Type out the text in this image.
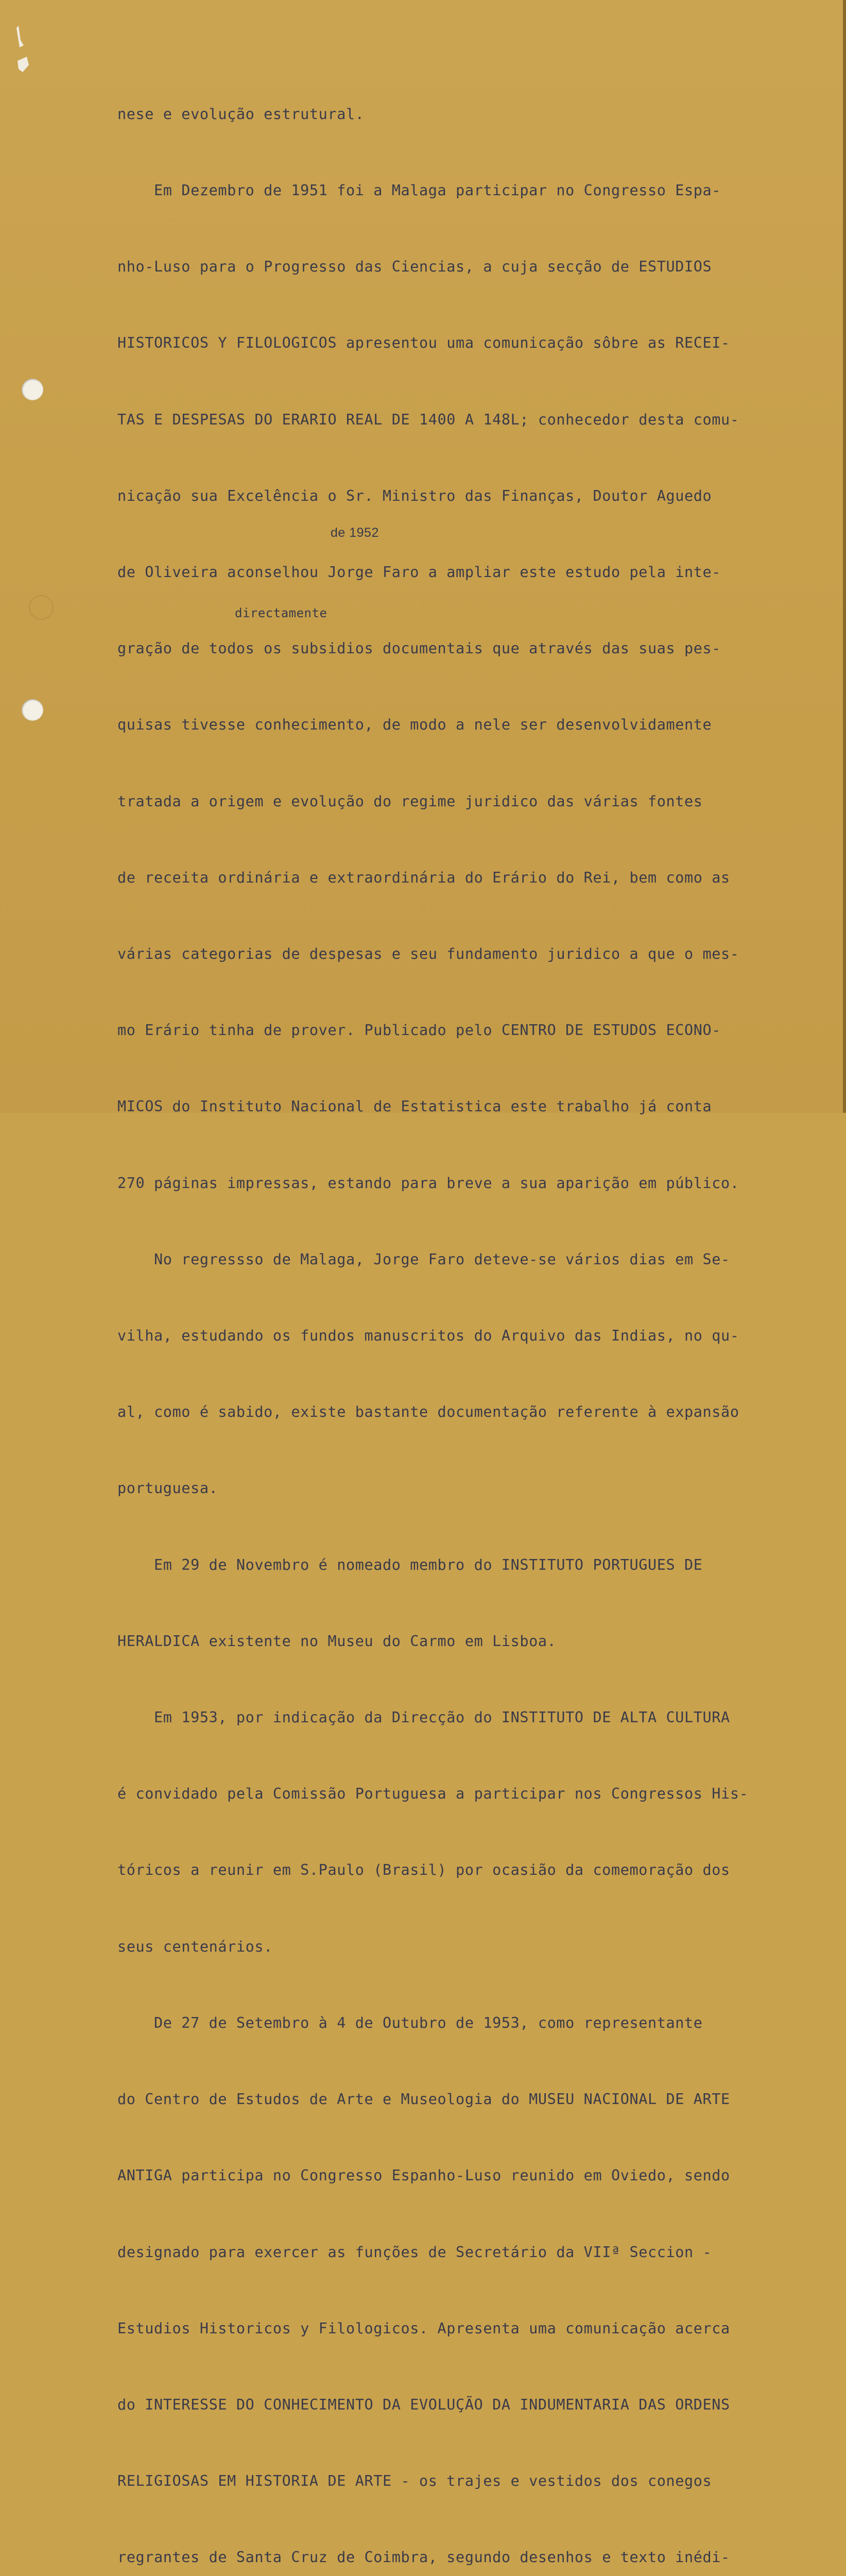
nese e evolução estrutural.

Em Dezembro de 1951 foi a Malaga participar no Congresso Espa-

nho-Luso para o Progresso das Ciencias, a cuja secção de ESTUDIOS

HISTORICOS Y FILOLOGICOS apresentou uma comunicação sôbre as RECEI-

TAS E DESPESAS DO ERARIO REAL DE 1400 A 148L; conhecedor desta comu-

nicação sua Excelência o Sr. Ministro das Finanças, Doutor Aguedo

de Oliveira aconselhou Jorge Faro a ampliar este estudo pela inte-

gração de todos os subsidios documentais que através das suas pes-

quisas tivesse conhecimento, de modo a nele ser desenvolvidamente

tratada a origem e evolução do regime juridico das várias fontes

de receita ordinária e extraordinária do Erário do Rei, bem como as

várias categorias de despesas e seu fundamento juridico a que o mes-

mo Erário tinha de prover. Publicado pelo CENTRO DE ESTUDOS ECONO-

MICOS do Instituto Nacional de Estatistica este trabalho já conta

270 páginas impressas, estando para breve a sua aparição em público.

No regressso de Malaga, Jorge Faro deteve-se vários dias em Se-

vilha, estudando os fundos manuscritos do Arquivo das Indias, no qu-

al, como é sabido, existe bastante documentação referente à expansão

portuguesa.

Em 29 de Novembro é nomeado membro do INSTITUTO PORTUGUES DE

HERALDICA existente no Museu do Carmo em Lisboa.

Em 1953, por indicação da Direcção do INSTITUTO DE ALTA CULTURA

é convidado pela Comissão Portuguesa a participar nos Congressos His-

tóricos a reunir em S.Paulo (Brasil) por ocasião da comemoração dos

seus centenários.

De 27 de Setembro à 4 de Outubro de 1953, como representante

do Centro de Estudos de Arte e Museologia do MUSEU NACIONAL DE ARTE

ANTIGA participa no Congresso Espanho-Luso reunido em Oviedo, sendo

designado para exercer as funções de Secretário da VIIª Seccion -

Estudios Historicos y Filologicos. Apresenta uma comunicação acerca

do INTERESSE DO CONHECIMENTO DA EVOLUÇÃO DA INDUMENTARIA DAS ORDENS

RELIGIOSAS EM HISTORIA DE ARTE - os trajes e vestidos dos conegos

regrantes de Santa Cruz de Coimbra, segundo desenhos e texto inédi-

de 1952
directamente
